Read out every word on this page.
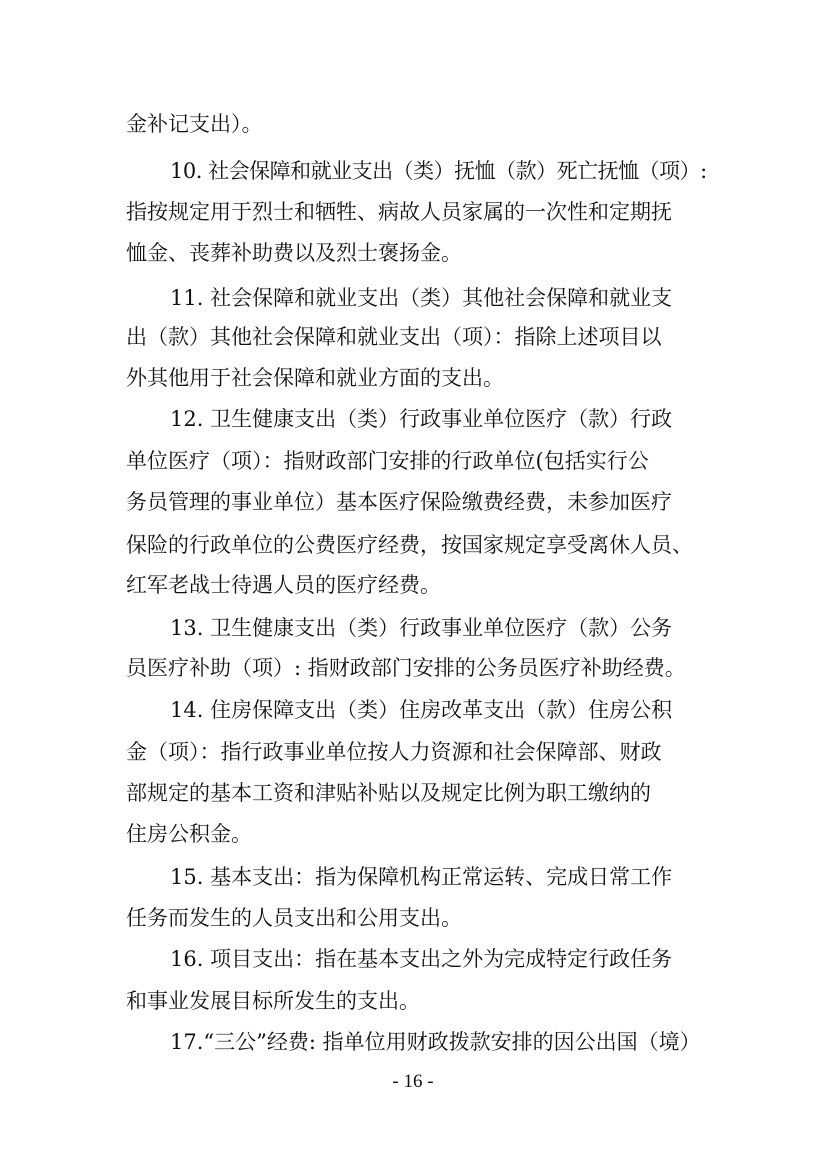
金补记支出）。

10. 社会保障和就业支出（类）抚恤（款）死亡抚恤（项）:

指按规定用于烈士和牺牲、病故人员家属的一次性和定期抚

恤金、丧葬补助费以及烈士褒扬金。

11. 社会保障和就业支出（类）其他社会保障和就业支

出（款）其他社会保障和就业支出（项）：指除上述项目以

外其他用于社会保障和就业方面的支出。

12. 卫生健康支出（类）行政事业单位医疗（款）行政

单位医疗（项）：指财政部门安排的行政单位(包括实行公

务员管理的事业单位）基本医疗保险缴费经费，未参加医疗

保险的行政单位的公费医疗经费，按国家规定享受离休人员、

红军老战士待遇人员的医疗经费。

13. 卫生健康支出（类）行政事业单位医疗（款）公务

员医疗补助（项）: 指财政部门安排的公务员医疗补助经费。

14. 住房保障支出（类）住房改革支出（款）住房公积

金（项）：指行政事业单位按人力资源和社会保障部、财政

部规定的基本工资和津贴补贴以及规定比例为职工缴纳的

住房公积金。

15. 基本支出：指为保障机构正常运转、完成日常工作

任务而发生的人员支出和公用支出。

16. 项目支出：指在基本支出之外为完成特定行政任务

和事业发展目标所发生的支出。

17.“三公”经费: 指单位用财政拨款安排的因公出国（境）

- 16 -
